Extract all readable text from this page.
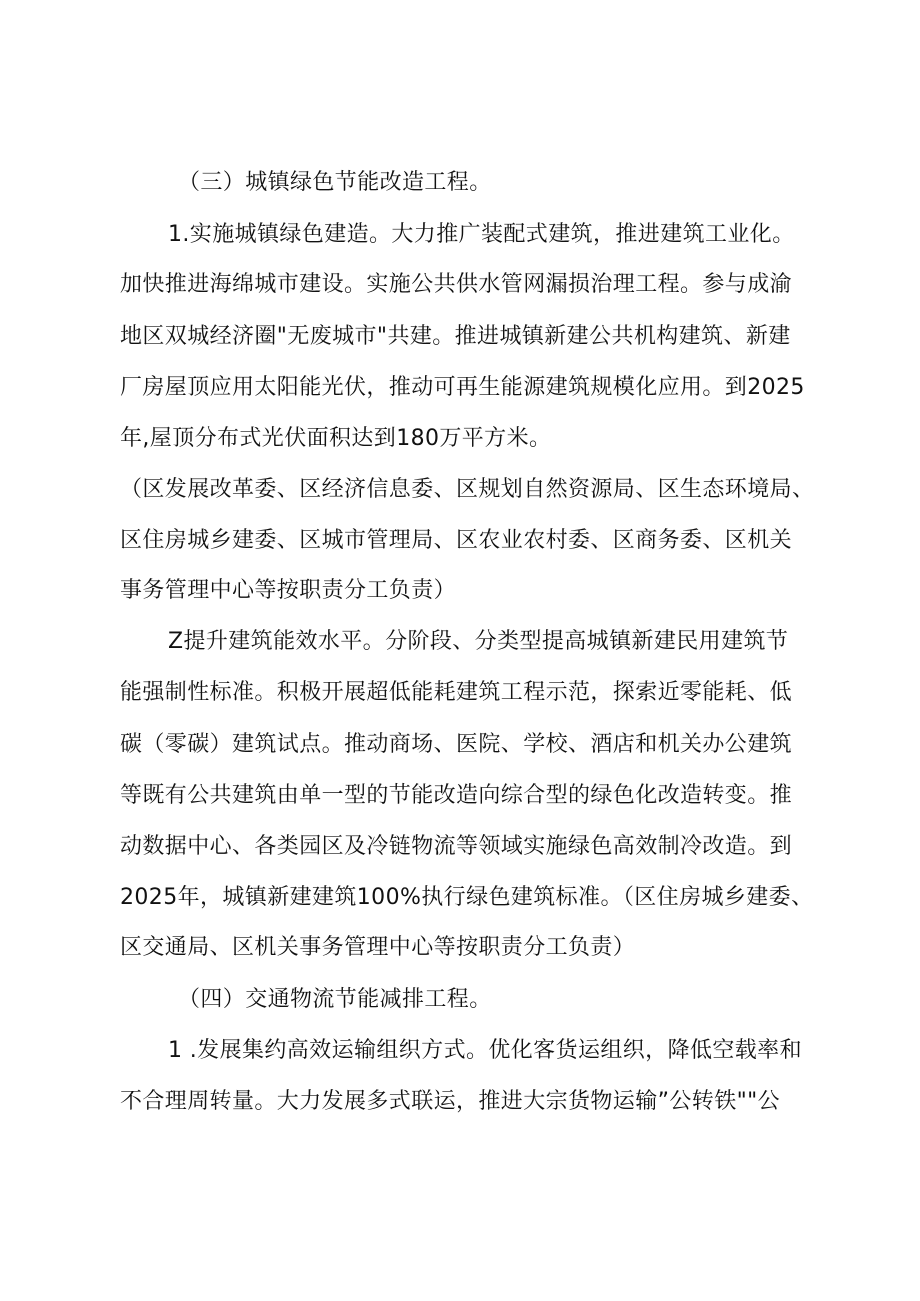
（三）城镇绿色节能改造工程。
1.实施城镇绿色建造。大力推广装配式建筑，推进建筑工业化。
加快推进海绵城市建设。实施公共供水管网漏损治理工程。参与成渝
地区双城经济圈"无废城市"共建。推进城镇新建公共机构建筑、新建
厂房屋顶应用太阳能光伏，推动可再生能源建筑规模化应用。到2025
年,屋顶分布式光伏面积达到180万平方米。
（区发展改革委、区经济信息委、区规划自然资源局、区生态环境局、
区住房城乡建委、区城市管理局、区农业农村委、区商务委、区机关
事务管理中心等按职责分工负责）
Z提升建筑能效水平。分阶段、分类型提高城镇新建民用建筑节
能强制性标准。积极开展超低能耗建筑工程示范，探索近零能耗、低
碳（零碳）建筑试点。推动商场、医院、学校、酒店和机关办公建筑
等既有公共建筑由单一型的节能改造向综合型的绿色化改造转变。推
动数据中心、各类园区及冷链物流等领域实施绿色高效制冷改造。到
2025年，城镇新建建筑100%执行绿色建筑标准。（区住房城乡建委、
区交通局、区机关事务管理中心等按职责分工负责）
（四）交通物流节能减排工程。
1 .发展集约高效运输组织方式。优化客货运组织，降低空载率和
不合理周转量。大力发展多式联运，推进大宗货物运输”公转铁""公
